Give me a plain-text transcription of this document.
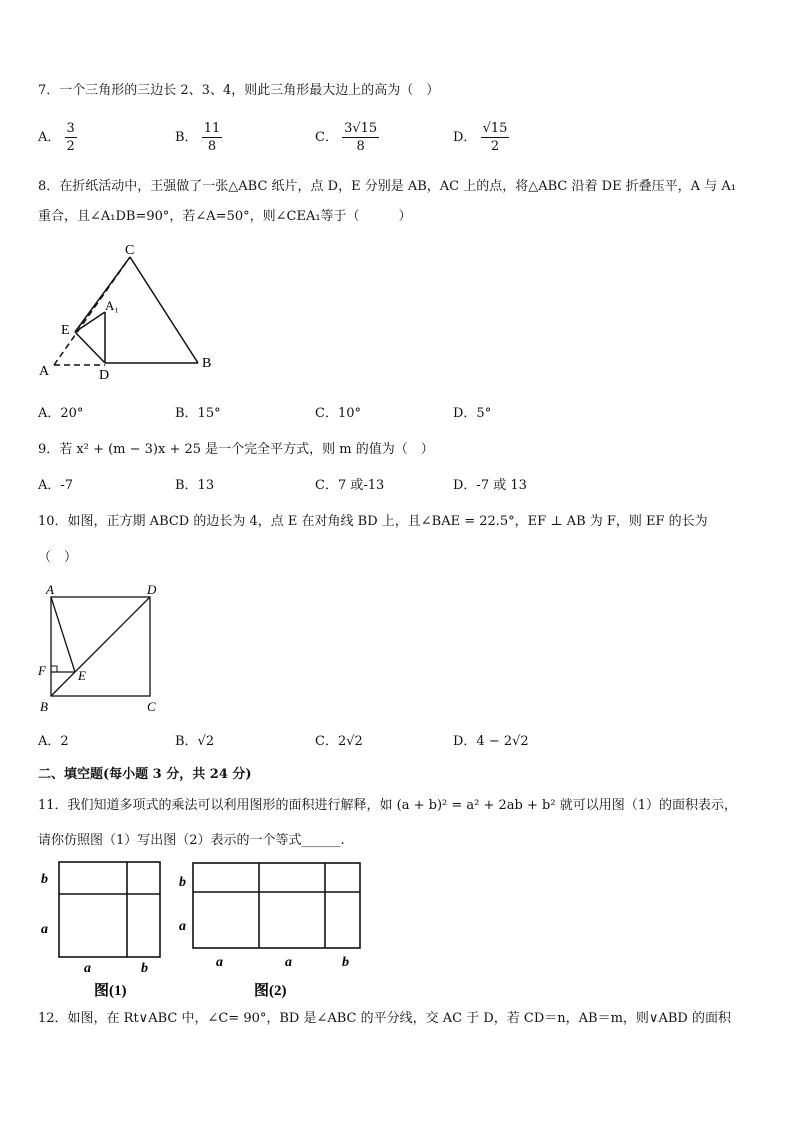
7．一个三角形的三边长 2、3、4，则此三角形最大边上的高为（　）
A． $\frac{3}{2}$	B． $\frac{11}{8}$	C． $\frac{3√15}{8}$	D． $\frac{√15}{2}$
8．在折纸活动中，王强做了一张△ABC 纸片，点 D，E 分别是 AB，AC 上的点，将△ABC 沿着 DE 折叠压平，A 与 A₁
重合，且∠A₁DB=90°，若∠A=50°，则∠CEA₁等于（　　　）
C
A₁
E
A	D
B
A．20°	B．15°	C．10°	D．5°
9．若 x² + (m − 3)x + 25 是一个完全平方式，则 m 的值为（　）
A．-7	B．13	C．7 或-13	D．-7 或 13
10．如图，正方期 ABCD 的边长为 4，点 E 在对角线 BD 上，且∠BAE = 22.5°，EF ⊥ AB 为 F，则 EF 的长为
（　）
A	D
F E
B	C
A．2	B．√2	C．2√2	D．4 − 2√2
二、填空题(每小题 3 分，共 24 分)
11．我们知道多项式的乘法可以利用图形的面积进行解释，如 (a + b)² = a² + 2ab + b² 就可以用图（1）的面积表示，
请你仿照图（1）写出图（2）表示的一个等式______.
b
a
a	b
图(1)
b
a
a	a	b
图(2)
12．如图，在 Rt∨ABC 中，∠C= 90°，BD 是∠ABC 的平分线，交 AC 于 D，若 CD＝n，AB＝m，则∨ABD 的面积
